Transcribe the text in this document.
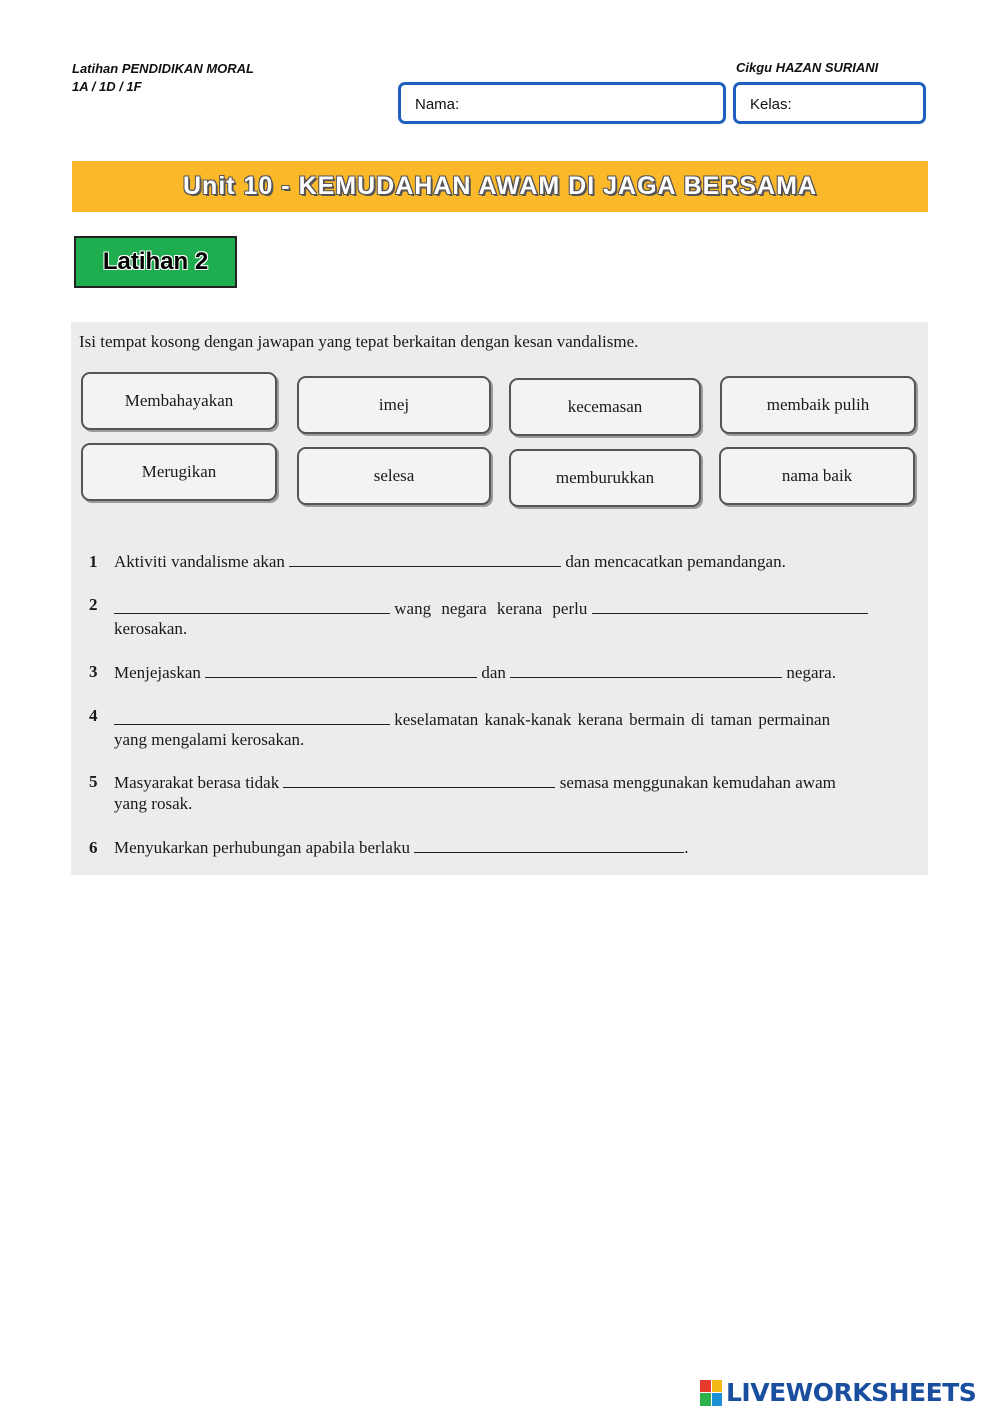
Latihan PENDIDIKAN MORAL
1A / 1D / 1F
Cikgu HAZAN SURIANI
Nama:	Kelas:
Unit 10 - KEMUDAHAN AWAM DI JAGA BERSAMA
Latihan 2
Isi tempat kosong dengan jawapan yang tepat berkaitan dengan kesan vandalisme.
Membahayakan	imej	kecemasan	membaik pulih
Merugikan	selesa	memburukkan	nama baik
1 Aktiviti vandalisme akan	dan mencacatkan pemandangan.
2	wang negara kerana perlu
kerosakan.
3 Menjejaskan	dan	negara.
4	keselamatan kanak-kanak kerana bermain di taman permainan
yang mengalami kerosakan.
5 Masyarakat berasa tidak	semasa menggunakan kemudahan awam
yang rosak.
6 Menyukarkan perhubungan apabila berlaku	.
LIVEWORKSHEETS
